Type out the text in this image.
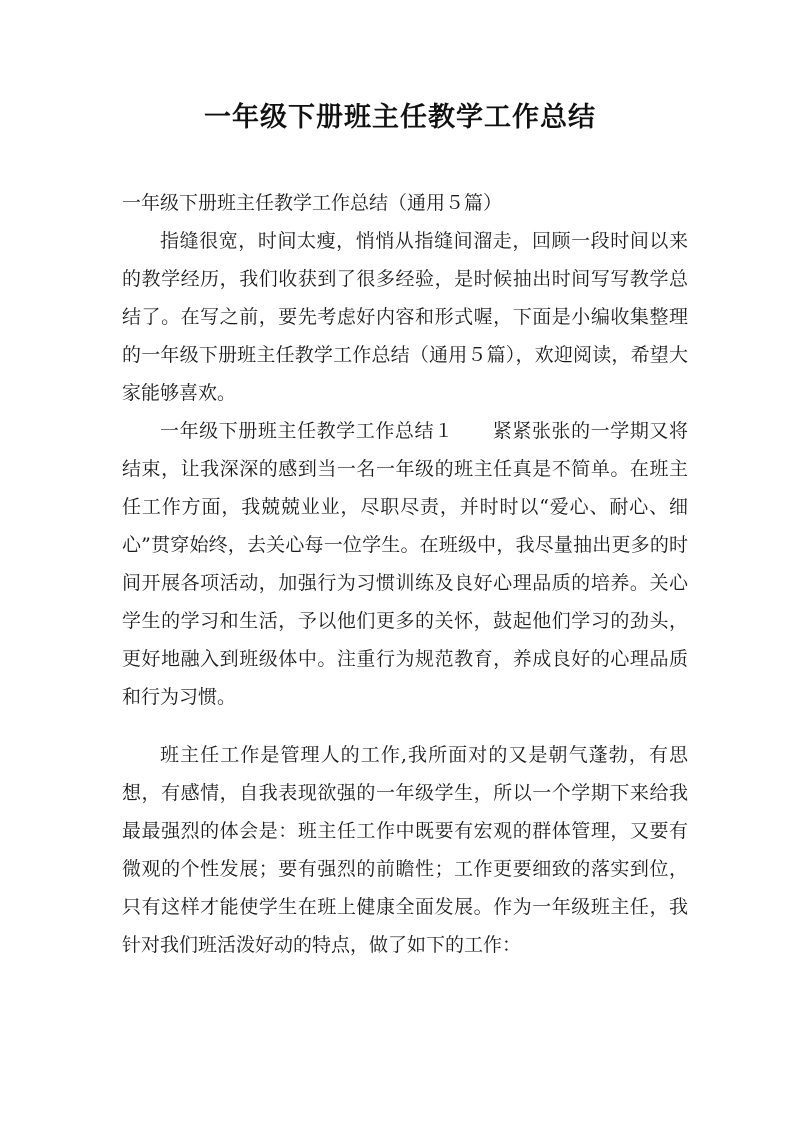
一年级下册班主任教学工作总结

一年级下册班主任教学工作总结（通用５篇）

指缝很宽，时间太瘦，悄悄从指缝间溜走，回顾一段时间以来的教学经历，我们收获到了很多经验，是时候抽出时间写写教学总结了。在写之前，要先考虑好内容和形式喔，下面是小编收集整理的一年级下册班主任教学工作总结（通用５篇），欢迎阅读，希望大家能够喜欢。

一年级下册班主任教学工作总结１　　紧紧张张的一学期又将结束，让我深深的感到当一名一年级的班主任真是不简单。在班主任工作方面，我兢兢业业，尽职尽责，并时时以“爱心、耐心、细心”贯穿始终，去关心每一位学生。在班级中，我尽量抽出更多的时间开展各项活动，加强行为习惯训练及良好心理品质的培养。关心学生的学习和生活，予以他们更多的关怀，鼓起他们学习的劲头，更好地融入到班级体中。注重行为规范教育，养成良好的心理品质和行为习惯。

班主任工作是管理人的工作,我所面对的又是朝气蓬勃，有思想，有感情，自我表现欲强的一年级学生，所以一个学期下来给我最最强烈的体会是：班主任工作中既要有宏观的群体管理，又要有微观的个性发展；要有强烈的前瞻性；工作更要细致的落实到位，只有这样才能使学生在班上健康全面发展。作为一年级班主任，我针对我们班活泼好动的特点，做了如下的工作：
